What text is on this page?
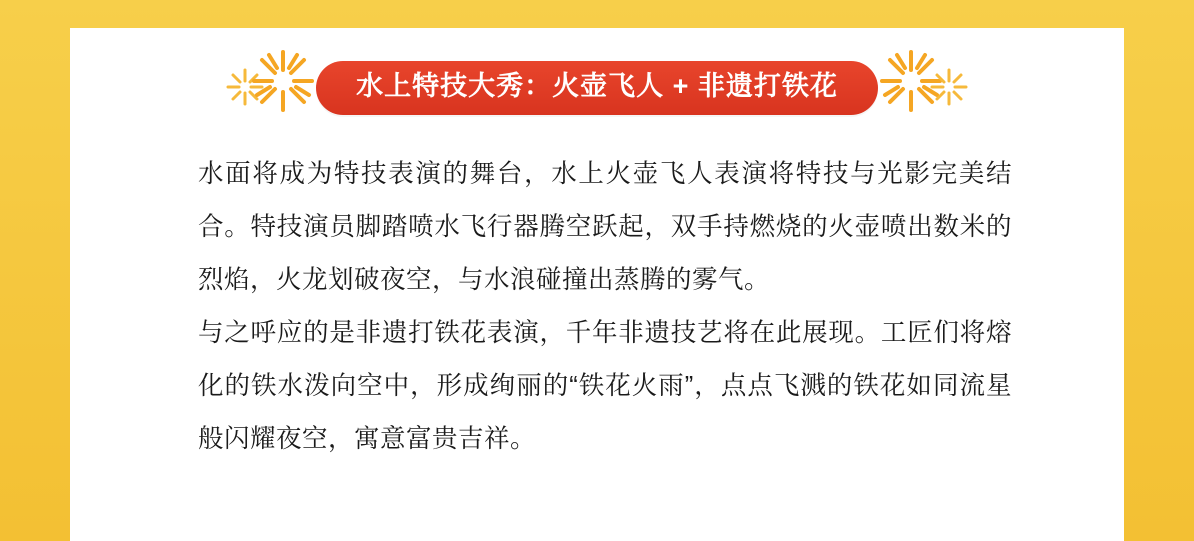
水上特技大秀：火壶飞人 + 非遗打铁花

水面将成为特技表演的舞台，水上火壶飞人表演将特技与光影完美结合。特技演员脚踏喷水飞行器腾空跃起，双手持燃烧的火壶喷出数米的烈焰，火龙划破夜空，与水浪碰撞出蒸腾的雾气。

与之呼应的是非遗打铁花表演，千年非遗技艺将在此展现。工匠们将熔化的铁水泼向空中，形成绚丽的“铁花火雨”，点点飞溅的铁花如同流星般闪耀夜空，寓意富贵吉祥。
